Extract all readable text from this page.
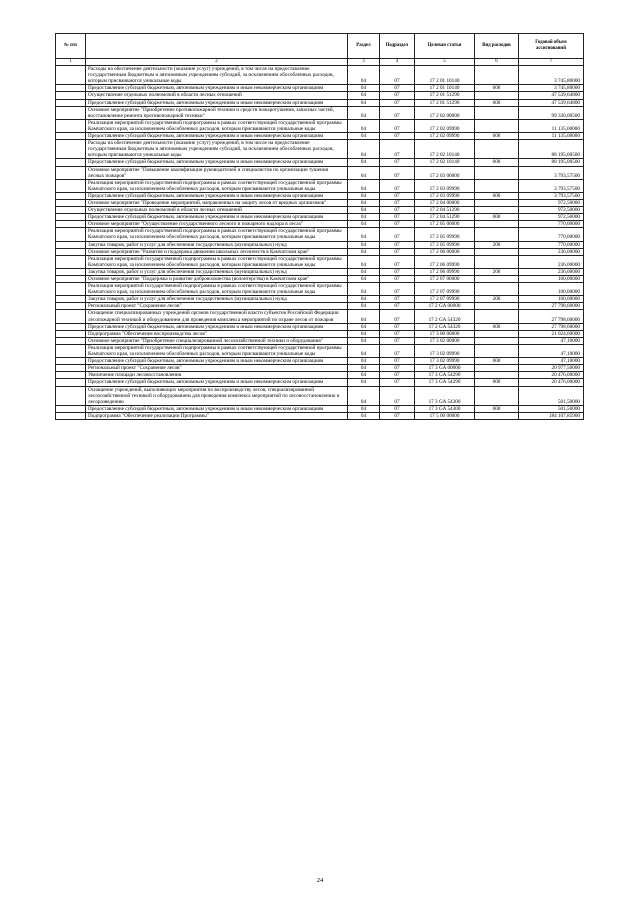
№ п/п		Раздел	Подраздел	Целевая статья	Вид расходов	Годовой объем ассигнований
1	2	3	4	5	6	7
	Расходы на обеспечение деятельности (оказание услуг) учреждений, в том числе на предоставление государственным бюджетным и автономным учреждениям субсидий, за исключением обособленных расходов, которым присваиваются уникальные коды	04	07	17 2 01 10140		3 745,80000
	Предоставление субсидий бюджетным, автономным учреждениям и иным некоммерческим организациям	04	07	17 2 01 10140	600	3 745,80000
	Осуществление отдельных полномочий в области лесных отношений	04	07	17 2 01 51290		47 539,64800
	Предоставление субсидий бюджетным, автономным учреждениям и иным некоммерческим организациям	04	07	17 2 01 51290	600	47 539,64800
	Основное мероприятие "Приобретение противопожарной техники и средств пожаротушения, запасных частей, восстановление ремонта противопожарной техники"	04	07	17 2 02 00000		99 330,00500
	Реализация мероприятий государственной подпрограммы в рамках соответствующей государственной программы Камчатского края, за исключением обособленных расходов, которым присваиваются уникальные коды	04	07	17 2 02 09990		11 135,00000
	Предоставление субсидий бюджетным, автономным учреждениям и иным некоммерческим организациям	04	07	17 2 02 09990	600	11 135,00000
	Расходы на обеспечение деятельности (оказание услуг) учреждений, в том числе на предоставление государственным бюджетным и автономным учреждениям субсидий, за исключением обособленных расходов, которым присваиваются уникальные коды	04	07	17 2 02 10140		88 195,00500
	Предоставление субсидий бюджетным, автономным учреждениям и иным некоммерческим организациям	04	07	17 2 02 10140	600	88 195,00500
	Основное мероприятие "Повышение квалификации руководителей и специалистов по организации тушения лесных пожаров"	04	07	17 2 03 00000		3 793,57500
	Реализация мероприятий государственной подпрограммы в рамках соответствующей государственной программы Камчатского края, за исключением обособленных расходов, которым присваиваются уникальные коды	04	07	17 2 03 09990		3 793,57500
	Предоставление субсидий бюджетным, автономным учреждениям и иным некоммерческим организациям	04	07	17 2 03 09990	600	3 793,57500
	Основное мероприятие "Проведение мероприятий, направленных на защиту лесов от вредных организмов"	04	07	17 2 04 00000		972,50000
	Осуществление отдельных полномочий в области лесных отношений	04	07	17 2 04 51290		972,50000
	Предоставление субсидий бюджетным, автономным учреждениям и иным некоммерческим организациям	04	07	17 2 04 51290	600	972,50000
	Основное мероприятие "Осуществление государственного лесного и пожарного надзора в лесах"	04	07	17 2 05 00000		770,00000
	Реализация мероприятий государственной подпрограммы в рамках соответствующей государственной программы Камчатского края, за исключением обособленных расходов, которым присваиваются уникальные коды	04	07	17 2 05 09990		770,00000
	Закупка товаров, работ и услуг для обеспечения государственных (муниципальных) нужд	04	07	17 2 05 09990	200	770,00000
	Основное мероприятие "Развитие и поддержка движения школьных лесничеств в Камчатском крае"	04	07	17 2 06 00000		236,00000
	Реализация мероприятий государственной подпрограммы в рамках соответствующей государственной программы Камчатского края, за исключением обособленных расходов, которым присваиваются уникальные коды	04	07	17 2 06 09990		236,00000
	Закупка товаров, работ и услуг для обеспечения государственных (муниципальных) нужд	04	07	17 2 06 09990	200	236,00000
	Основное мероприятие "Поддержка и развитие добровольчества (волонтерства) в Камчатском крае"	04	07	17 2 07 00000		100,00000
	Реализация мероприятий государственной подпрограммы в рамках соответствующей государственной программы Камчатского края, за исключением обособленных расходов, которым присваиваются уникальные коды	04	07	17 2 07 09990		100,00000
	Закупка товаров, работ и услуг для обеспечения государственных (муниципальных) нужд	04	07	17 2 07 09990	200	100,00000
	Региональный проект "Сохранение лесов"	04	07	17 2 GA 00000		27 798,60000
	Оснащение специализированных учреждений органов государственной власти субъектов Российской Федерации лесопожарной техникой и оборудованием для проведения комплекса мероприятий по охране лесов от пожаров	04	07	17 2 GA 54320		27 798,60000
	Предоставление субсидий бюджетным, автономным учреждениям и иным некоммерческим организациям	04	07	17 2 GA 54320	600	27 798,60000
	Подпрограмма "Обеспечение воспроизводства лесов"	04	07	17 3 00 00000		21 024,60000
	Основное мероприятие "Приобретение специализированной лесохозяйственной техники и оборудования"	04	07	17 3 02 00000		47,10000
	Реализация мероприятий государственной подпрограммы в рамках соответствующей государственной программы Камчатского края, за исключением обособленных расходов, которым присваиваются уникальные коды	04	07	17 3 02 09990		47,10000
	Предоставление субсидий бюджетным, автономным учреждениям и иным некоммерческим организациям	04	07	17 3 02 09990	600	47,10000
	Региональный проект "Сохранение лесов"	04	07	17 3 GA 00000		20 977,50000
	Увеличение площади лесовосстановления	04	07	17 3 GA 54290		20 476,00000
	Предоставление субсидий бюджетным, автономным учреждениям и иным некоммерческим организациям	04	07	17 3 GA 54290	600	20 476,00000
	Оснащение учреждений, выполняющих мероприятия по воспроизводству лесов, специализированной лесохозяйственной техникой и оборудованием для проведения комплекса мероприятий по лесовосстановлению и лесоразведению	04	07	17 3 GA 54300		501,50000
	Предоставление субсидий бюджетным, автономным учреждениям и иным некоммерческим организациям	04	07	17 3 GA 54300	600	501,50000
	Подпрограмма "Обеспечение реализации Программы"	04	07	17 5 00 00000		184 107,85900
24
